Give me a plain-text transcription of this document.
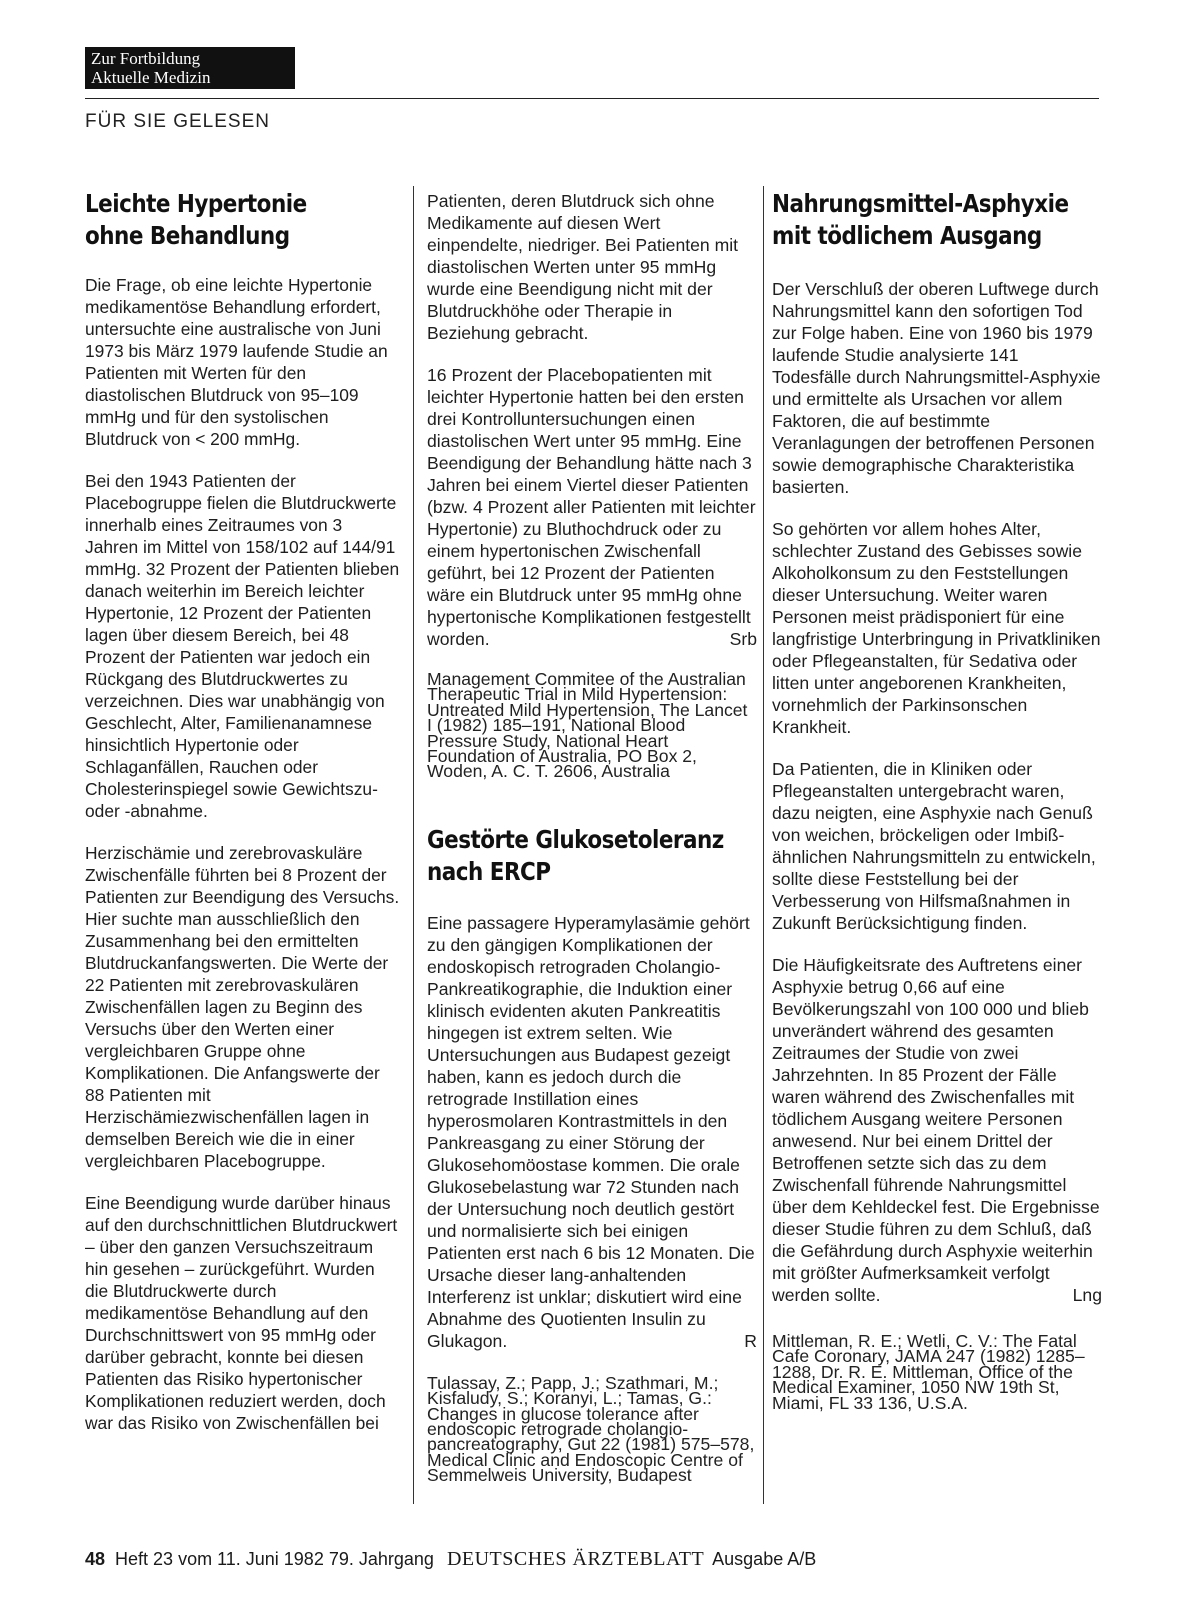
Zur Fortbildung
Aktuelle Medizin
FÜR SIE GELESEN
Leichte Hypertonie
ohne Behandlung

Die Frage, ob eine leichte Hypertonie medikamentöse Behandlung erfordert, untersuchte eine australische von Juni 1973 bis März 1979 laufende Studie an Patienten mit Werten für den diastolischen Blutdruck von 95–109 mmHg und für den systolischen Blutdruck von < 200 mmHg.

Bei den 1943 Patienten der Placebogruppe fielen die Blutdruckwerte innerhalb eines Zeitraumes von 3 Jahren im Mittel von 158/102 auf 144/91 mmHg. 32 Prozent der Patienten blieben danach weiterhin im Bereich leichter Hypertonie, 12 Prozent der Patienten lagen über diesem Bereich, bei 48 Prozent der Patienten war jedoch ein Rückgang des Blutdruckwertes zu verzeichnen. Dies war unabhängig von Geschlecht, Alter, Familienanamnese hinsichtlich Hypertonie oder Schlaganfällen, Rauchen oder Cholesterinspiegel sowie Gewichtszu- oder -abnahme.

Herzischämie und zerebrovaskuläre Zwischenfälle führten bei 8 Prozent der Patienten zur Beendigung des Versuchs. Hier suchte man ausschließlich den Zusammenhang bei den ermittelten Blutdruckanfangswerten. Die Werte der 22 Patienten mit zerebrovaskulären Zwischenfällen lagen zu Beginn des Versuchs über den Werten einer vergleichbaren Gruppe ohne Komplikationen. Die Anfangswerte der 88 Patienten mit Herzischämiezwischenfällen lagen in demselben Bereich wie die in einer vergleichbaren Placebogruppe.

Eine Beendigung wurde darüber hinaus auf den durchschnittlichen Blutdruckwert – über den ganzen Versuchszeitraum hin gesehen – zurückgeführt. Wurden die Blutdruckwerte durch medikamentöse Behandlung auf den Durchschnittswert von 95 mmHg oder darüber gebracht, konnte bei diesen Patienten das Risiko hypertonischer Komplikationen reduziert werden, doch war das Risiko von Zwischenfällen bei

Patienten, deren Blutdruck sich ohne Medikamente auf diesen Wert einpendelte, niedriger. Bei Patienten mit diastolischen Werten unter 95 mmHg wurde eine Beendigung nicht mit der Blutdruckhöhe oder Therapie in Beziehung gebracht.

16 Prozent der Placebopatienten mit leichter Hypertonie hatten bei den ersten drei Kontrolluntersuchungen einen diastolischen Wert unter 95 mmHg. Eine Beendigung der Behandlung hätte nach 3 Jahren bei einem Viertel dieser Patienten (bzw. 4 Prozent aller Patienten mit leichter Hypertonie) zu Bluthochdruck oder zu einem hypertonischen Zwischenfall geführt, bei 12 Prozent der Patienten wäre ein Blutdruck unter 95 mmHg ohne hypertonische Komplikationen festgestellt worden.	Srb

Management Commitee of the Australian Therapeutic Trial in Mild Hypertension: Untreated Mild Hypertension, The Lancet I (1982) 185–191, National Blood Pressure Study, National Heart Foundation of Australia, PO Box 2, Woden, A. C. T. 2606, Australia

Gestörte Glukosetoleranz
nach ERCP

Eine passagere Hyperamylasämie gehört zu den gängigen Komplikationen der endoskopisch retrograden Cholangio-Pankreatikographie, die Induktion einer klinisch evidenten akuten Pankreatitis hingegen ist extrem selten. Wie Untersuchungen aus Budapest gezeigt haben, kann es jedoch durch die retrograde Instillation eines hyperosmolaren Kontrastmittels in den Pankreasgang zu einer Störung der Glukosehomöostase kommen. Die orale Glukosebelastung war 72 Stunden nach der Untersuchung noch deutlich gestört und normalisierte sich bei einigen Patienten erst nach 6 bis 12 Monaten. Die Ursache dieser lang-anhaltenden Interferenz ist unklar; diskutiert wird eine Abnahme des Quotienten Insulin zu Glukagon.	R

Tulassay, Z.; Papp, J.; Szathmari, M.; Kisfaludy, S.; Koranyi, L.; Tamas, G.: Changes in glucose tolerance after endoscopic retrograde cholangio-pancreatography, Gut 22 (1981) 575–578, Medical Clinic and Endoscopic Centre of Semmelweis University, Budapest

Nahrungsmittel-Asphyxie
mit tödlichem Ausgang

Der Verschluß der oberen Luftwege durch Nahrungsmittel kann den sofortigen Tod zur Folge haben. Eine von 1960 bis 1979 laufende Studie analysierte 141 Todesfälle durch Nahrungsmittel-Asphyxie und ermittelte als Ursachen vor allem Faktoren, die auf bestimmte Veranlagungen der betroffenen Personen sowie demographische Charakteristika basierten.

So gehörten vor allem hohes Alter, schlechter Zustand des Gebisses sowie Alkoholkonsum zu den Feststellungen dieser Untersuchung. Weiter waren Personen meist prädisponiert für eine langfristige Unterbringung in Privatkliniken oder Pflegeanstalten, für Sedativa oder litten unter angeborenen Krankheiten, vornehmlich der Parkinsonschen Krankheit.

Da Patienten, die in Kliniken oder Pflegeanstalten untergebracht waren, dazu neigten, eine Asphyxie nach Genuß von weichen, bröckeligen oder Imbiß-ähnlichen Nahrungsmitteln zu entwickeln, sollte diese Feststellung bei der Verbesserung von Hilfsmaßnahmen in Zukunft Berücksichtigung finden.

Die Häufigkeitsrate des Auftretens einer Asphyxie betrug 0,66 auf eine Bevölkerungszahl von 100 000 und blieb unverändert während des gesamten Zeitraumes der Studie von zwei Jahrzehnten. In 85 Prozent der Fälle waren während des Zwischenfalles mit tödlichem Ausgang weitere Personen anwesend. Nur bei einem Drittel der Betroffenen setzte sich das zu dem Zwischenfall führende Nahrungsmittel über dem Kehldeckel fest. Die Ergebnisse dieser Studie führen zu dem Schluß, daß die Gefährdung durch Asphyxie weiterhin mit größter Aufmerksamkeit verfolgt werden sollte.	Lng

Mittleman, R. E.; Wetli, C. V.: The Fatal Cafe Coronary, JAMA 247 (1982) 1285–1288, Dr. R. E. Mittleman, Office of the Medical Examiner, 1050 NW 19th St, Miami, FL 33 136, U.S.A.

48 Heft 23 vom 11. Juni 1982 79. Jahrgang DEUTSCHES ÄRZTEBLATT Ausgabe A/B
